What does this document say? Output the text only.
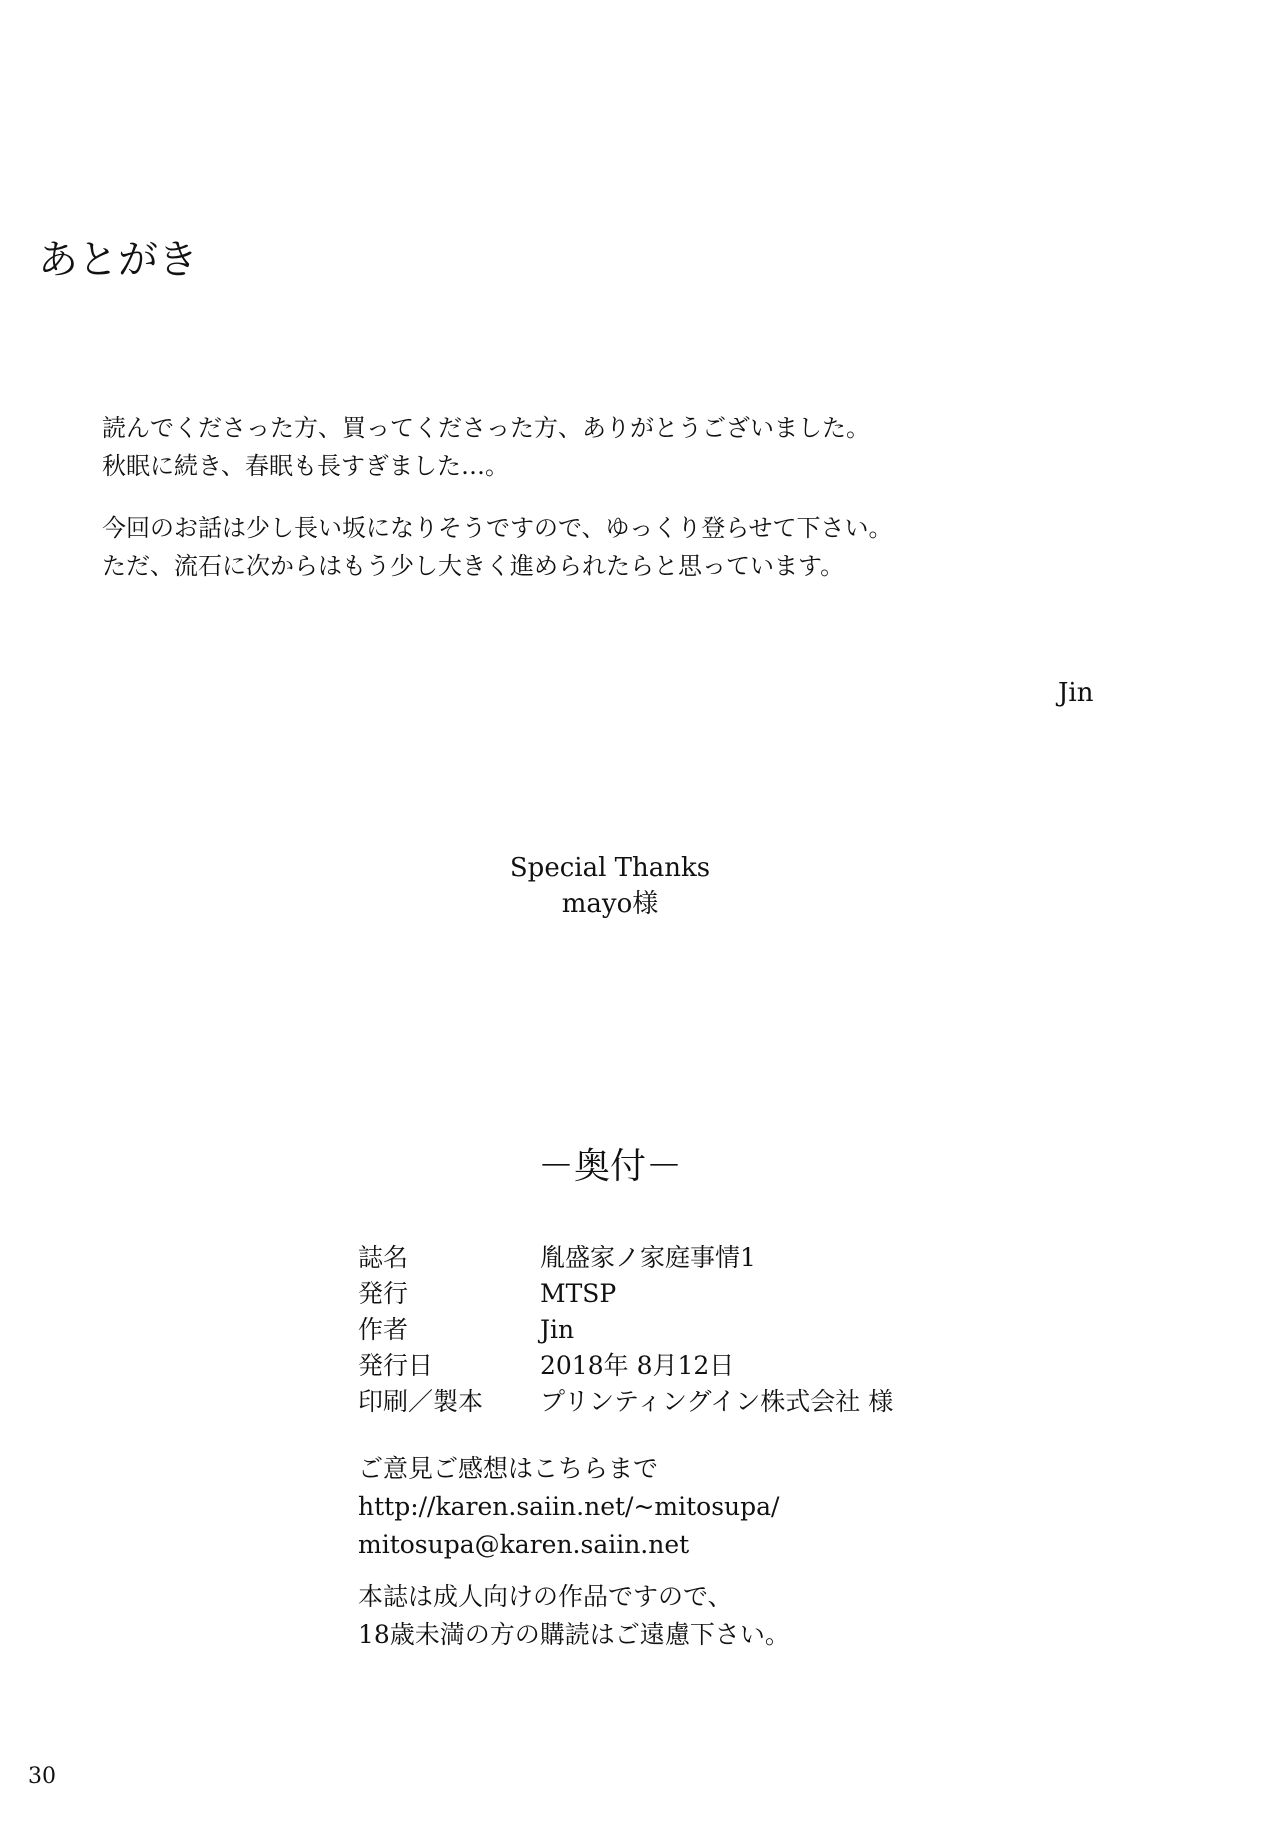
あとがき
読んでくださった方、買ってくださった方、ありがとうございました。
秋眠に続き、春眠も長すぎました…。
今回のお話は少し長い坂になりそうですので、ゆっくり登らせて下さい。
ただ、流石に次からはもう少し大きく進められたらと思っています。
Jin
Special Thanks
mayo様
－奥付－
誌名	胤盛家ノ家庭事情1
発行	MTSP
作者	Jin
発行日	2018年 8月12日
印刷／製本	プリンティングイン株式会社 様
ご意見ご感想はこちらまで
http://karen.saiin.net/~mitosupa/
mitosupa@karen.saiin.net
本誌は成人向けの作品ですので、
18歳未満の方の購読はご遠慮下さい。
30
